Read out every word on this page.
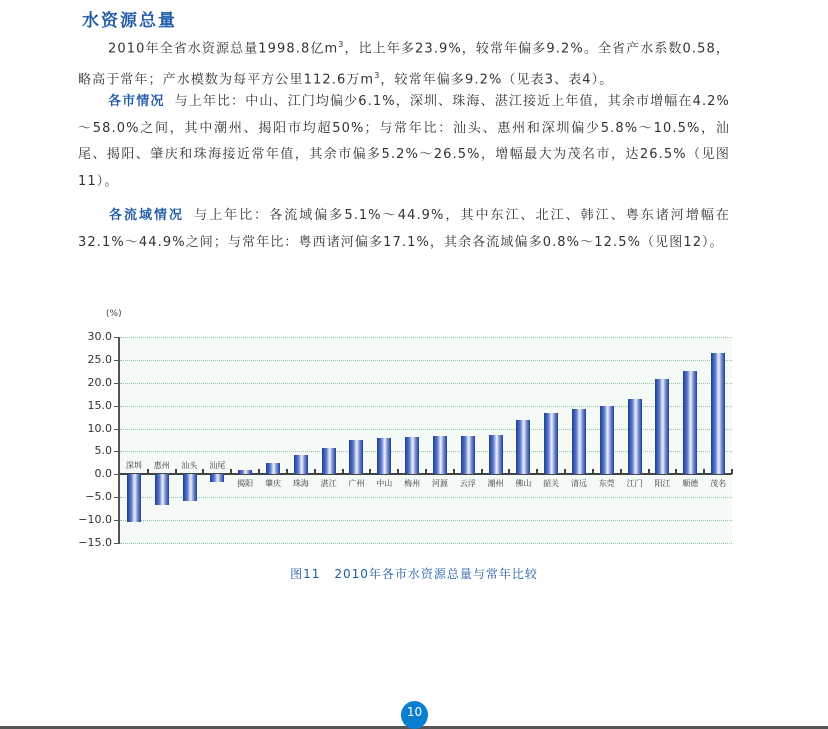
水资源总量
2010年全省水资源总量1998.8亿$m^3$，比上年多23.9%，较常年偏多9.2%。全省产水系数0.58，略高于常年；产水模数为每平方公里112.6万$m^3$，较常年偏多9.2%（见表3、表4）。
各市情况 与上年比：中山、江门均偏少6.1%，深圳、珠海、湛江接近上年值，其余市增幅在4.2%～58.0%之间，其中潮州、揭阳市均超50%；与常年比：汕头、惠州和深圳偏少5.8%～10.5%，汕尾、揭阳、肇庆和珠海接近常年值，其余市偏多5.2%～26.5%，增幅最大为茂名市，达26.5%（见图11）。
各流域情况 与上年比：各流域偏多5.1%～44.9%，其中东江、北江、韩江、粤东诸河增幅在32.1%～44.9%之间；与常年比：粤西诸河偏多17.1%，其余各流域偏多0.8%～12.5%（见图12）。
(%)
30.0
25.0
20.0
15.0
10.0
5.0
0.0
−5.0
−10.0
−15.0
深圳	惠州	汕头	汕尾
揭阳	肇庆	珠海	湛江	广州	中山	梅州	河源	云浮	潮州	佛山	韶关	清远	东莞	江门	阳江	顺德	茂名
图11 2010年各市水资源总量与常年比较
10
